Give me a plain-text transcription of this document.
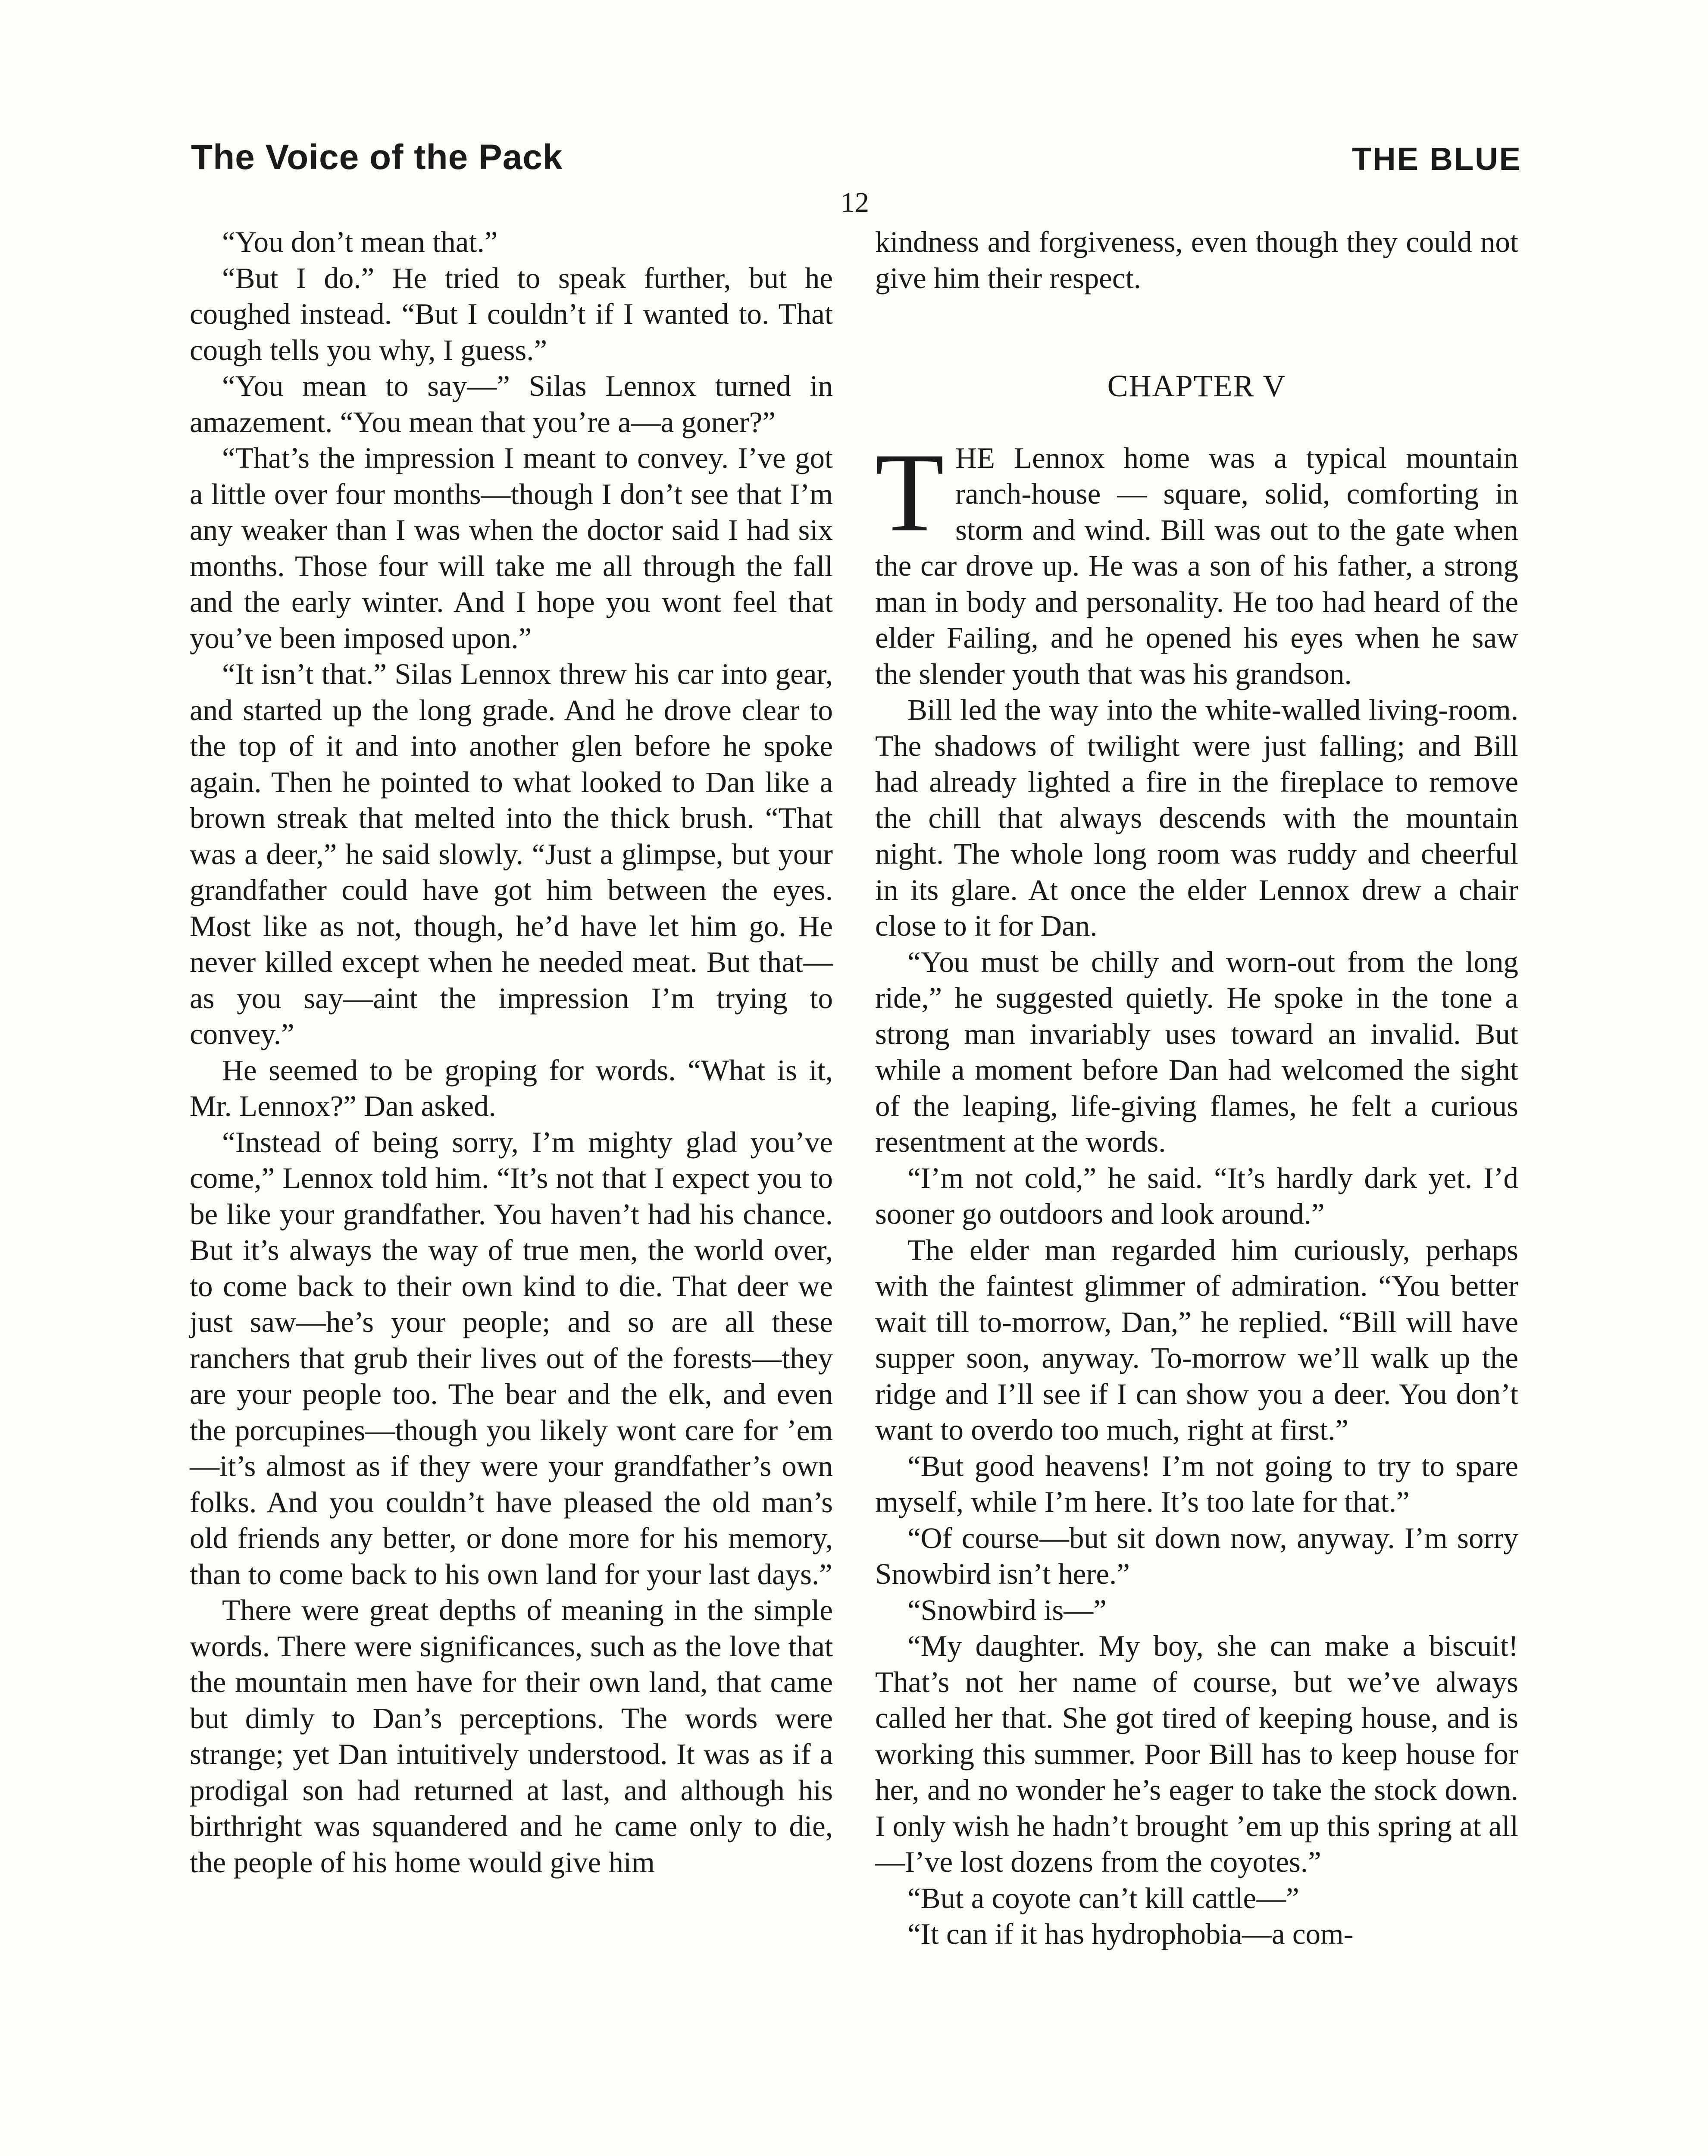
The Voice of the Pack	THE BLUE
12

“You don’t mean that.”

“But I do.” He tried to speak further, but he coughed instead. “But I couldn’t if I wanted to. That cough tells you why, I guess.”

“You mean to say—” Silas Lennox turned in amazement. “You mean that you’re a—a goner?”

“That’s the impression I meant to convey. I’ve got a little over four months—though I don’t see that I’m any weaker than I was when the doctor said I had six months. Those four will take me all through the fall and the early winter. And I hope you wont feel that you’ve been imposed upon.”

“It isn’t that.” Silas Lennox threw his car into gear, and started up the long grade. And he drove clear to the top of it and into another glen before he spoke again. Then he pointed to what looked to Dan like a brown streak that melted into the thick brush. “That was a deer,” he said slowly. “Just a glimpse, but your grandfather could have got him between the eyes. Most like as not, though, he’d have let him go. He never killed except when he needed meat. But that—as you say—aint the impression I’m trying to convey.”

He seemed to be groping for words. “What is it, Mr. Lennox?” Dan asked.

“Instead of being sorry, I’m mighty glad you’ve come,” Lennox told him. “It’s not that I expect you to be like your grandfather. You haven’t had his chance. But it’s always the way of true men, the world over, to come back to their own kind to die. That deer we just saw—he’s your people; and so are all these ranchers that grub their lives out of the forests—they are your people too. The bear and the elk, and even the porcupines—though you likely wont care for ’em—it’s almost as if they were your grandfather’s own folks. And you couldn’t have pleased the old man’s old friends any better, or done more for his memory, than to come back to his own land for your last days.”

There were great depths of meaning in the simple words. There were significances, such as the love that the mountain men have for their own land, that came but dimly to Dan’s perceptions. The words were strange; yet Dan intuitively understood. It was as if a prodigal son had returned at last, and although his birthright was squandered and he came only to die, the people of his home would give him

kindness and forgiveness, even though they could not give him their respect.

CHAPTER V

THE Lennox home was a typical mountain ranch-house — square, solid, comforting in storm and wind. Bill was out to the gate when the car drove up. He was a son of his father, a strong man in body and personality. He too had heard of the elder Failing, and he opened his eyes when he saw the slender youth that was his grandson.

Bill led the way into the white-walled living-room. The shadows of twilight were just falling; and Bill had already lighted a fire in the fireplace to remove the chill that always descends with the mountain night. The whole long room was ruddy and cheerful in its glare. At once the elder Lennox drew a chair close to it for Dan.

“You must be chilly and worn-out from the long ride,” he suggested quietly. He spoke in the tone a strong man invariably uses toward an invalid. But while a moment before Dan had welcomed the sight of the leaping, life-giving flames, he felt a curious resentment at the words.

“I’m not cold,” he said. “It’s hardly dark yet. I’d sooner go outdoors and look around.”

The elder man regarded him curiously, perhaps with the faintest glimmer of admiration. “You better wait till to-morrow, Dan,” he replied. “Bill will have supper soon, anyway. To-morrow we’ll walk up the ridge and I’ll see if I can show you a deer. You don’t want to overdo too much, right at first.”

“But good heavens! I’m not going to try to spare myself, while I’m here. It’s too late for that.”

“Of course—but sit down now, anyway. I’m sorry Snowbird isn’t here.”

“Snowbird is—”

“My daughter. My boy, she can make a biscuit! That’s not her name of course, but we’ve always called her that. She got tired of keeping house, and is working this summer. Poor Bill has to keep house for her, and no wonder he’s eager to take the stock down. I only wish he hadn’t brought ’em up this spring at all—I’ve lost dozens from the coyotes.”

“But a coyote can’t kill cattle—”

“It can if it has hydrophobia—a com-
